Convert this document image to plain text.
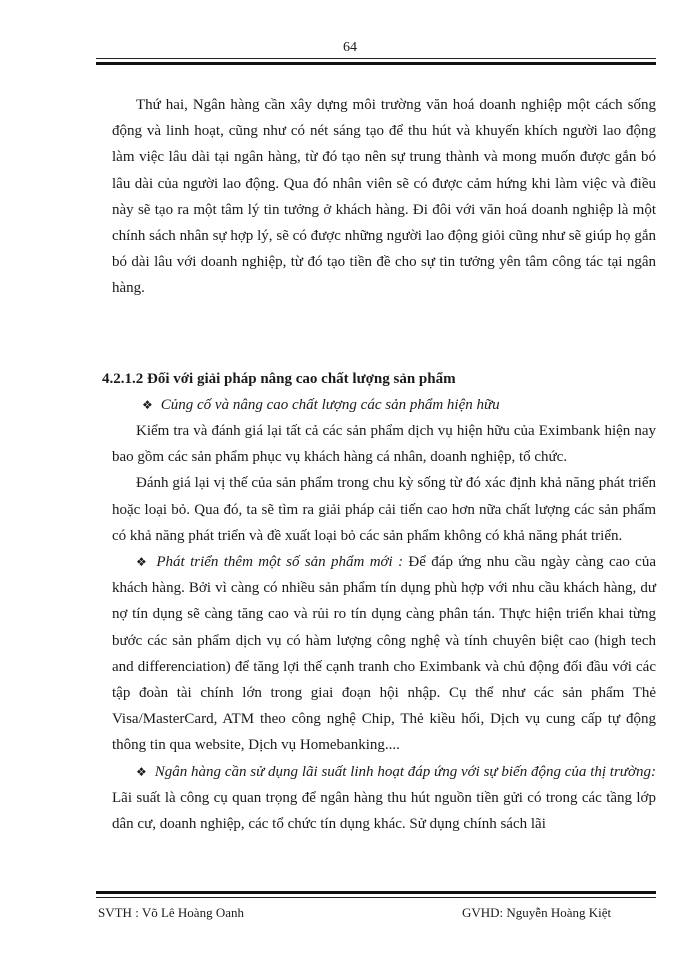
64

Thứ hai, Ngân hàng cần xây dựng môi trường văn hoá doanh nghiệp một cách sống động và linh hoạt, cũng như có nét sáng tạo để thu hút và khuyến khích người lao động làm việc lâu dài tại ngân hàng, từ đó tạo nên sự trung thành và mong muốn được gắn bó lâu dài của người lao động. Qua đó nhân viên sẽ có được cảm hứng khi làm việc và điều này sẽ tạo ra một tâm lý tin tưởng ở khách hàng. Đi đôi với văn hoá doanh nghiệp là một chính sách nhân sự hợp lý, sẽ có được những người lao động giỏi cũng như sẽ giúp họ gắn bó dài lâu với doanh nghiệp, từ đó tạo tiền đề cho sự tin tưởng yên tâm công tác tại ngân hàng.

4.2.1.2 Đối với giải pháp nâng cao chất lượng sản phẩm

❖ Củng cố và nâng cao chất lượng các sản phẩm hiện hữu

Kiểm tra và đánh giá lại tất cả các sản phẩm dịch vụ hiện hữu của Eximbank hiện nay bao gồm các sản phẩm phục vụ khách hàng cá nhân, doanh nghiệp, tổ chức.

Đánh giá lại vị thế của sản phẩm trong chu kỳ sống từ đó xác định khả năng phát triển hoặc loại bỏ. Qua đó, ta sẽ tìm ra giải pháp cải tiến cao hơn nữa chất lượng các sản phẩm có khả năng phát triển và đề xuất loại bỏ các sản phẩm không có khả năng phát triển.

❖ Phát triển thêm một số sản phẩm mới : Để đáp ứng nhu cầu ngày càng cao của khách hàng. Bởi vì càng có nhiều sản phẩm tín dụng phù hợp với nhu cầu khách hàng, dư nợ tín dụng sẽ càng tăng cao và rủi ro tín dụng càng phân tán. Thực hiện triển khai từng bước các sản phẩm dịch vụ có hàm lượng công nghệ và tính chuyên biệt cao (high tech and differenciation) để tăng lợi thế cạnh tranh cho Eximbank và chủ động đối đầu với các tập đoàn tài chính lớn trong giai đoạn hội nhập. Cụ thể như các sản phẩm Thẻ Visa/MasterCard, ATM theo công nghệ Chip, Thẻ kiều hối, Dịch vụ cung cấp tự động thông tin qua website, Dịch vụ Homebanking....

❖ Ngân hàng cần sử dụng lãi suất linh hoạt đáp ứng với sự biến động của thị trường: Lãi suất là công cụ quan trọng để ngân hàng thu hút nguồn tiền gửi có trong các tầng lớp dân cư, doanh nghiệp, các tổ chức tín dụng khác. Sử dụng chính sách lãi

SVTH : Võ Lê Hoàng Oanh	GVHD: Nguyễn Hoàng Kiệt
